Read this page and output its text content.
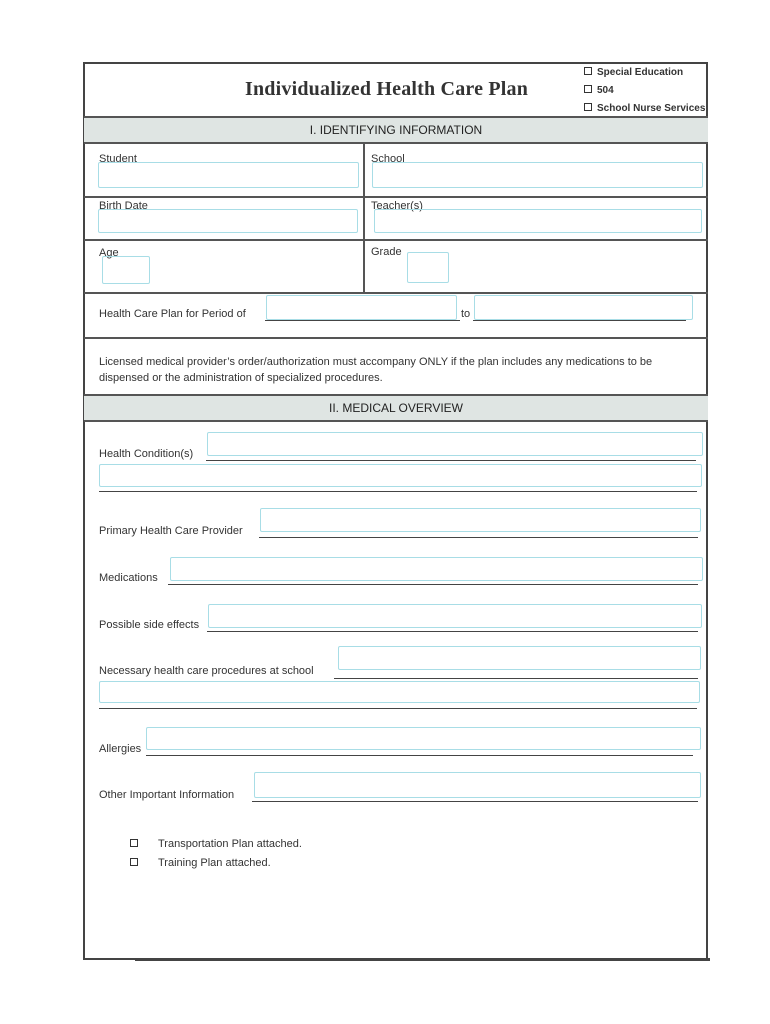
Individualized Health Care Plan
Special Education
504
School Nurse Services
I. IDENTIFYING INFORMATION
Student	School
Birth Date	Teacher(s)
Age	Grade
Health Care Plan for Period of	to
Licensed medical provider’s order/authorization must accompany ONLY if the plan includes any medications to be dispensed or the administration of specialized procedures.
II. MEDICAL OVERVIEW
Health Condition(s)
Primary Health Care Provider
Medications
Possible side effects
Necessary health care procedures at school
Allergies
Other Important Information
Transportation Plan attached.
Training Plan attached.
